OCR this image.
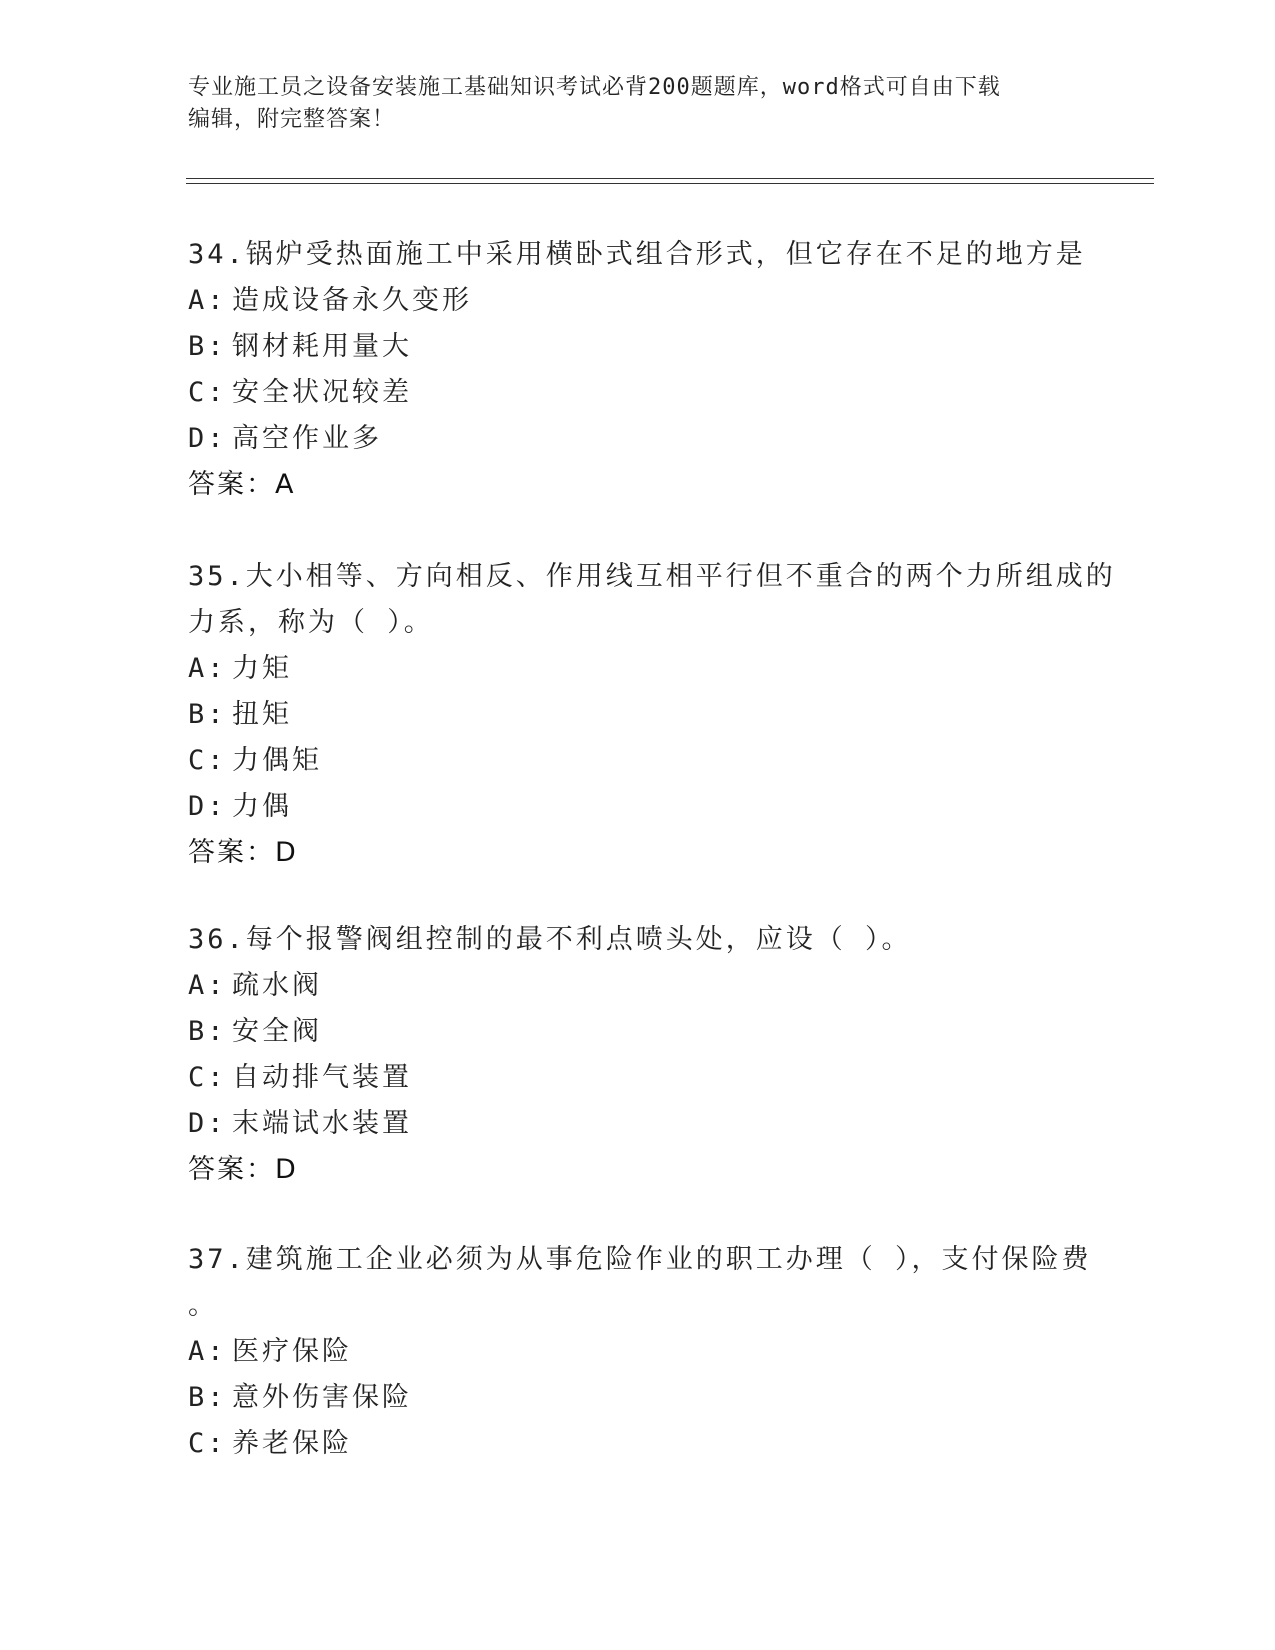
专业施工员之设备安装施工基础知识考试必背200题题库，word格式可自由下载
编辑，附完整答案！
34.锅炉受热面施工中采用横卧式组合形式，但它存在不足的地方是
A: 造成设备永久变形
B: 钢材耗用量大
C: 安全状况较差
D: 高空作业多
答案：A
35.大小相等、方向相反、作用线互相平行但不重合的两个力所组成的
力系，称为（ ）。
A: 力矩
B: 扭矩
C: 力偶矩
D: 力偶
答案：D
36.每个报警阀组控制的最不利点喷头处，应设（ ）。
A: 疏水阀
B: 安全阀
C: 自动排气装置
D: 末端试水装置
答案：D
37.建筑施工企业必须为从事危险作业的职工办理（ ），支付保险费
。
A: 医疗保险
B: 意外伤害保险
C: 养老保险
